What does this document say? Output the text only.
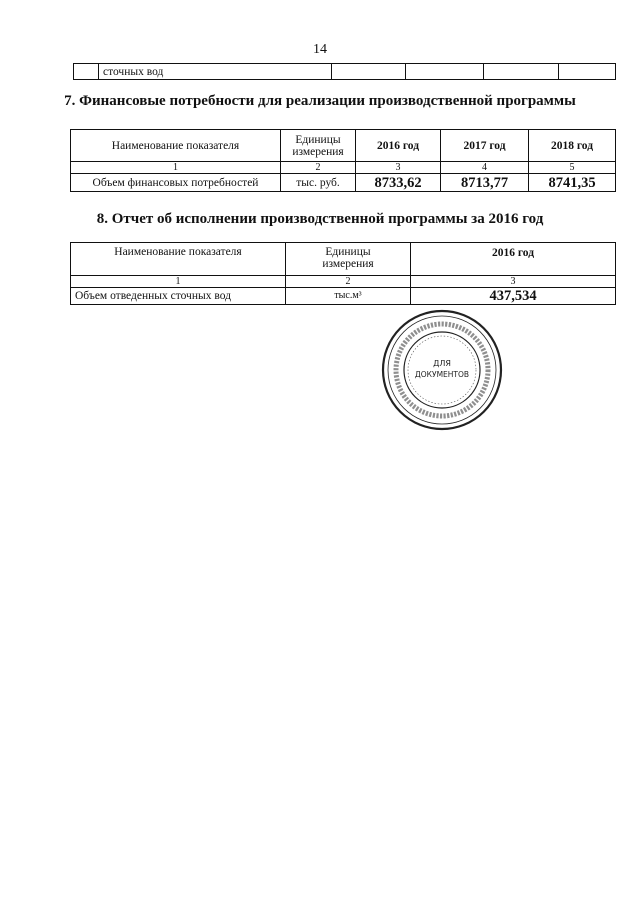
14
	сточных вод				
7. Финансовые потребности для реализации производственной программы
Наименование показателя	Единицы измерения	2016 год	2017 год	2018 год
1	2	3	4	5
Объем финансовых потребностей	тыс. руб.	8733,62	8713,77	8741,35
8. Отчет об исполнении производственной программы за 2016 год
Наименование показателя	Единицы измерения	2016 год
1	2	3
Объем отведенных сточных вод	тыс.м³	437,534
ДЛЯ
ДОКУМЕНТОВ
